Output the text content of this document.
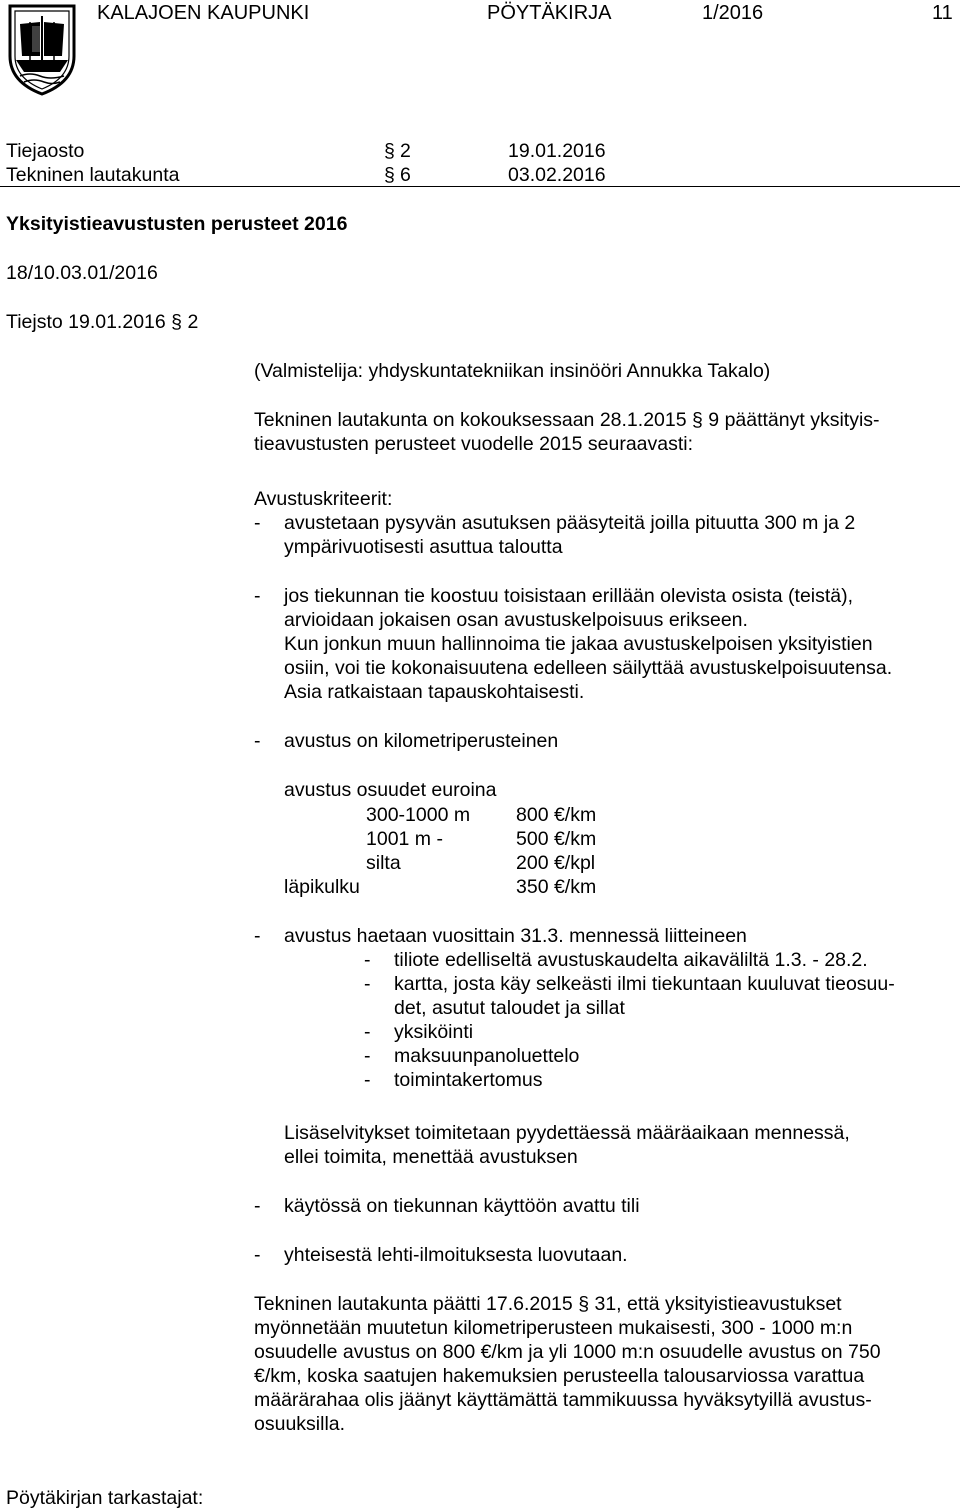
KALAJOEN KAUPUNKI	PÖYTÄKIRJA	1/2016	11
Tiejaosto	§ 2	19.01.2016
Tekninen lautakunta	§ 6	03.02.2016
Yksityistieavustusten perusteet 2016
18/10.03.01/2016
Tiejsto 19.01.2016 § 2
(Valmistelija: yhdyskuntatekniikan insinööri Annukka Takalo)
Tekninen lautakunta on kokouksessaan 28.1.2015 § 9 päättänyt yksityis-
tieavustusten perusteet vuodelle 2015 seuraavasti:
Avustuskriteerit:
- avustetaan pysyvän asutuksen pääsyteitä joilla pituutta 300 m ja 2
ympärivuotisesti asuttua taloutta
- jos tiekunnan tie koostuu toisistaan erillään olevista osista (teistä),
arvioidaan jokaisen osan avustuskelpoisuus erikseen.
Kun jonkun muun hallinnoima tie jakaa avustuskelpoisen yksityistien
osiin, voi tie kokonaisuutena edelleen säilyttää avustuskelpoisuutensa.
Asia ratkaistaan tapauskohtaisesti.
- avustus on kilometriperusteinen
avustus osuudet euroina
300-1000 m 800 €/km
1001 m -	500 €/km
silta	200 €/kpl
läpikulku	350 €/km
- avustus haetaan vuosittain 31.3. mennessä liitteineen
- tiliote edelliseltä avustuskaudelta aikaväliltä 1.3. - 28.2.
- kartta, josta käy selkeästi ilmi tiekuntaan kuuluvat tieosuu-
det, asutut taloudet ja sillat
- yksiköinti
- maksuunpanoluettelo
- toimintakertomus
Lisäselvitykset toimitetaan pyydettäessä määräaikaan mennessä,
ellei toimita, menettää avustuksen
- käytössä on tiekunnan käyttöön avattu tili
- yhteisestä lehti-ilmoituksesta luovutaan.
Tekninen lautakunta päätti 17.6.2015 § 31, että yksityistieavustukset
myönnetään muutetun kilometriperusteen mukaisesti, 300 - 1000 m:n
osuudelle avustus on 800 €/km ja yli 1000 m:n osuudelle avustus on 750
€/km, koska saatujen hakemuksien perusteella talousarviossa varattua
määrärahaa olis jäänyt käyttämättä tammikuussa hyväksytyillä avustus-
osuuksilla.
Pöytäkirjan tarkastajat:
